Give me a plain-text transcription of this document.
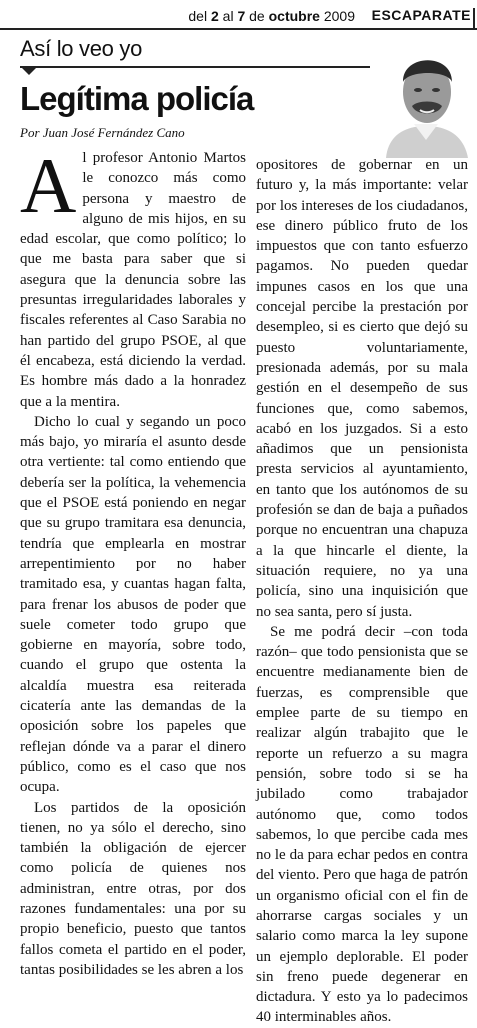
del 2 al 7 de octubre 2009 ESCAPARATE
Así lo veo yo
Legítima policía
Por Juan José Fernández Cano

Al profesor Antonio Martos le conozco más como persona y maestro de alguno de mis hijos, en su edad escolar, que como político; lo que me basta para saber que si asegura que la denuncia sobre las presuntas irregularidades laborales y fiscales referentes al Caso Sarabia no han partido del grupo PSOE, al que él encabeza, está diciendo la verdad. Es hombre más dado a la honradez que a la mentira.

Dicho lo cual y segando un poco más bajo, yo miraría el asunto desde otra vertiente: tal como entiendo que debería ser la política, la vehemencia que el PSOE está poniendo en negar que su grupo tramitara esa denuncia, tendría que emplearla en mostrar arrepentimiento por no haber tramitado esa, y cuantas hagan falta, para frenar los abusos de poder que suele cometer todo grupo que gobierne en mayoría, sobre todo, cuando el grupo que ostenta la alcaldía muestra esa reiterada cicatería ante las demandas de la oposición sobre los papeles que reflejan dónde va a parar el dinero público, como es el caso que nos ocupa.

Los partidos de la oposición tienen, no ya sólo el derecho, sino también la obligación de ejercer como policía de quienes nos administran, entre otras, por dos razones fundamentales: una por su propio beneficio, puesto que tantos fallos cometa el partido en el poder, tantas posibilidades se les abren a los

opositores de gobernar en un futuro y, la más importante: velar por los intereses de los ciudadanos, ese dinero público fruto de los impuestos que con tanto esfuerzo pagamos. No pueden quedar impunes casos en los que una concejal percibe la prestación por desempleo, si es cierto que dejó su puesto voluntariamente, presionada además, por su mala gestión en el desempeño de sus funciones que, como sabemos, acabó en los juzgados. Si a esto añadimos que un pensionista presta servicios al ayuntamiento, en tanto que los autónomos de su profesión se dan de baja a puñados porque no encuentran una chapuza a la que hincarle el diente, la situación requiere, no ya una policía, sino una inquisición que no sea santa, pero sí justa.

Se me podrá decir –con toda razón– que todo pensionista que se encuentre medianamente bien de fuerzas, es comprensible que emplee parte de su tiempo en realizar algún trabajito que le reporte un refuerzo a su magra pensión, sobre todo si se ha jubilado como trabajador autónomo que, como todos sabemos, lo que percibe cada mes no le da para echar pedos en contra del viento. Pero que haga de patrón un organismo oficial con el fin de ahorrarse cargas sociales y un salario como marca la ley supone un ejemplo deplorable. El poder sin freno puede degenerar en dictadura. Y esto ya lo padecimos 40 interminables años.
